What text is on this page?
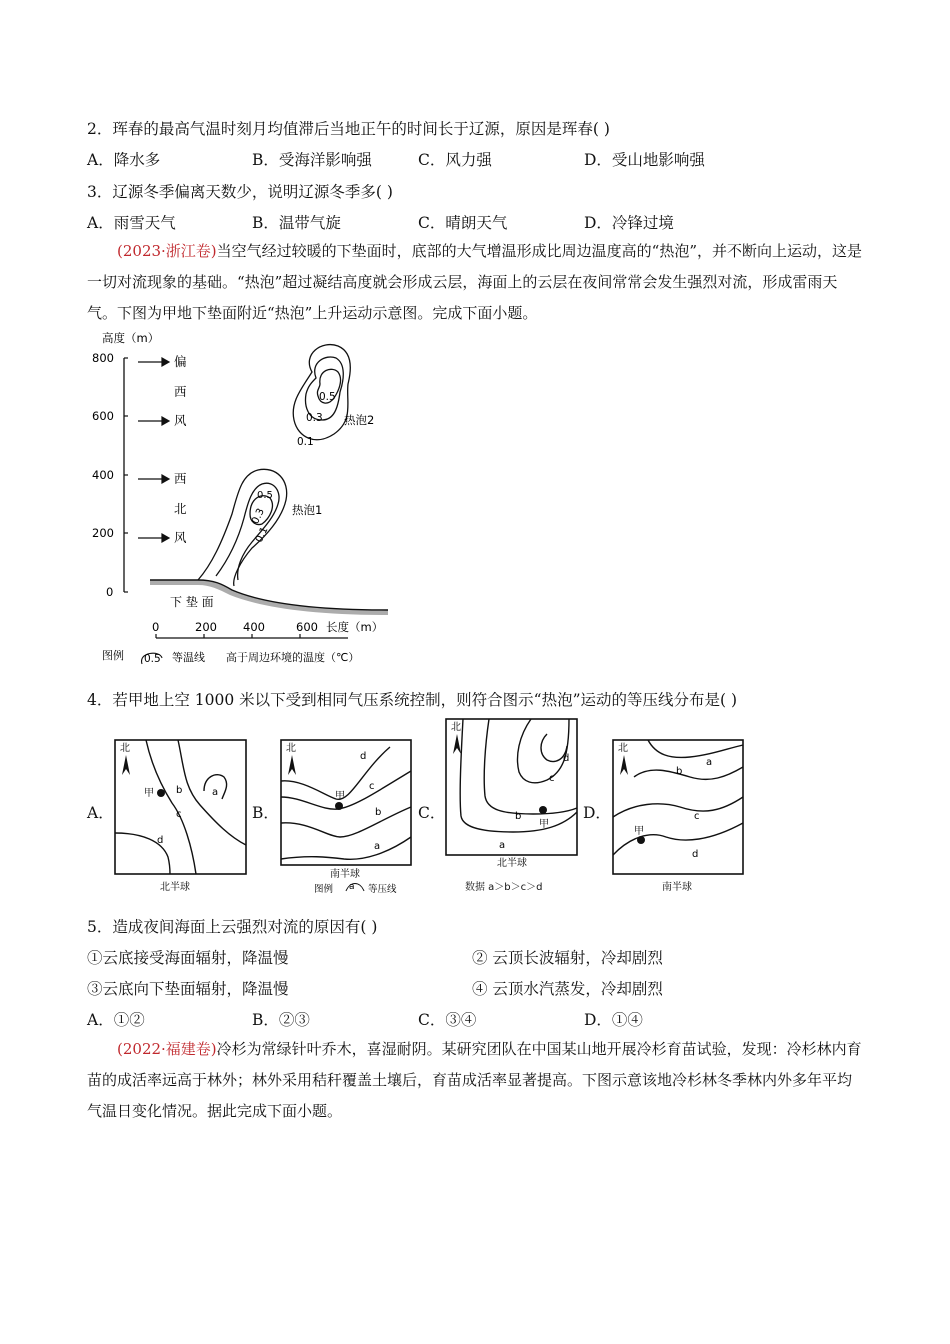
2．珲春的最高气温时刻月均值滞后当地正午的时间长于辽源，原因是珲春( )
A．降水多	B．受海洋影响强	C．风力强	D．受山地影响强
3．辽源冬季偏离天数少，说明辽源冬季多( )
A．雨雪天气	B．温带气旋	C．晴朗天气	D．冷锋过境
(2023·浙江卷)当空气经过较暖的下垫面时，底部的大气增温形成比周边温度高的“热泡”，并不断向上运动，这是一切对流现象的基础。“热泡”超过凝结高度就会形成云层，海面上的云层在夜间常常会发生强烈对流，形成雷雨天气。下图为甲地下垫面附近“热泡”上升运动示意图。完成下面小题。
高度（m）
800
600
400
200
0
偏
西
风
西
北
风
0.5
0.3
0.1
热泡2
0.5
0.3
0.1
热泡1
下 垫 面
0	200 400	600 长度（m）
图例 0.5 等温线 高于周边环境的温度（℃）
4．若甲地上空 1000 米以下受到相同气压系统控制，则符合图示“热泡”运动的等压线分布是( )
A．	B．	C．	D．
北
甲	a
b
c
d
北半球
北
甲
a
b
c
d
南半球
图例 a 等压线
北
甲
a
b
c
d
北半球
数据 a＞b＞c＞d
北
甲
a
b
c
d
南半球
5．造成夜间海面上云强烈对流的原因有( )
①云底接受海面辐射，降温慢	② 云顶长波辐射，冷却剧烈
③云底向下垫面辐射，降温慢	④ 云顶水汽蒸发，冷却剧烈
A．①②	B．②③	C．③④	D．①④
(2022·福建卷)冷杉为常绿针叶乔木，喜湿耐阴。某研究团队在中国某山地开展冷杉育苗试验，发现：冷杉林内育苗的成活率远高于林外；林外采用秸秆覆盖土壤后，育苗成活率显著提高。下图示意该地冷杉林冬季林内外多年平均气温日变化情况。据此完成下面小题。
